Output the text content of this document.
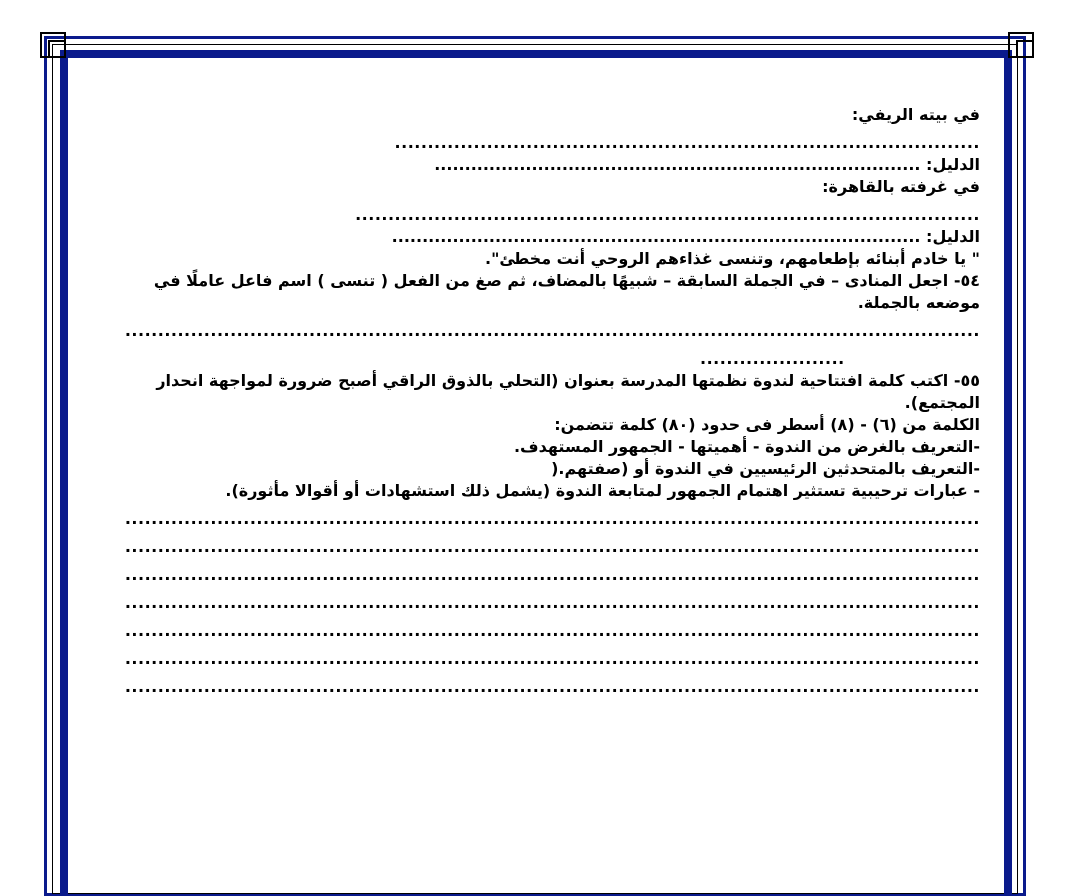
في بيته الريفي:
.........................................................................................
الدليل: ................................................................................
في غرفته بالقاهرة:
...............................................................................................
الدليل: .......................................................................................
" يا خادم أبنائه بإطعامهم، وتنسى غذاءهم الروحي أنت مخطئ".
٥٤- اجعل المنادى – في الجملة السابقة – شبيهًا بالمضاف، ثم صغ من الفعل ( تنسى ) اسم فاعل عاملًا في
موضعه بالجملة.
..................................................................................................................................
......................
٥٥- اكتب كلمة افتتاحية لندوة نظمتها المدرسة بعنوان (التحلي بالذوق الراقي أصبح ضرورة لمواجهة انحدار
المجتمع).
الكلمة من (٦) - (٨) أسطر فى حدود (٨٠) كلمة تتضمن:
-التعريف بالغرض من الندوة - أهميتها - الجمهور المستهدف.
-التعريف بالمتحدثين الرئيسيين في الندوة أو (صفتهم.(
- عبارات ترحيبية تستثير اهتمام الجمهور لمتابعة الندوة (يشمل ذلك استشهادات أو أقوالا مأثورة).
..................................................................................................................................
..................................................................................................................................
..................................................................................................................................
..................................................................................................................................
..................................................................................................................................
..................................................................................................................................
..................................................................................................................................
